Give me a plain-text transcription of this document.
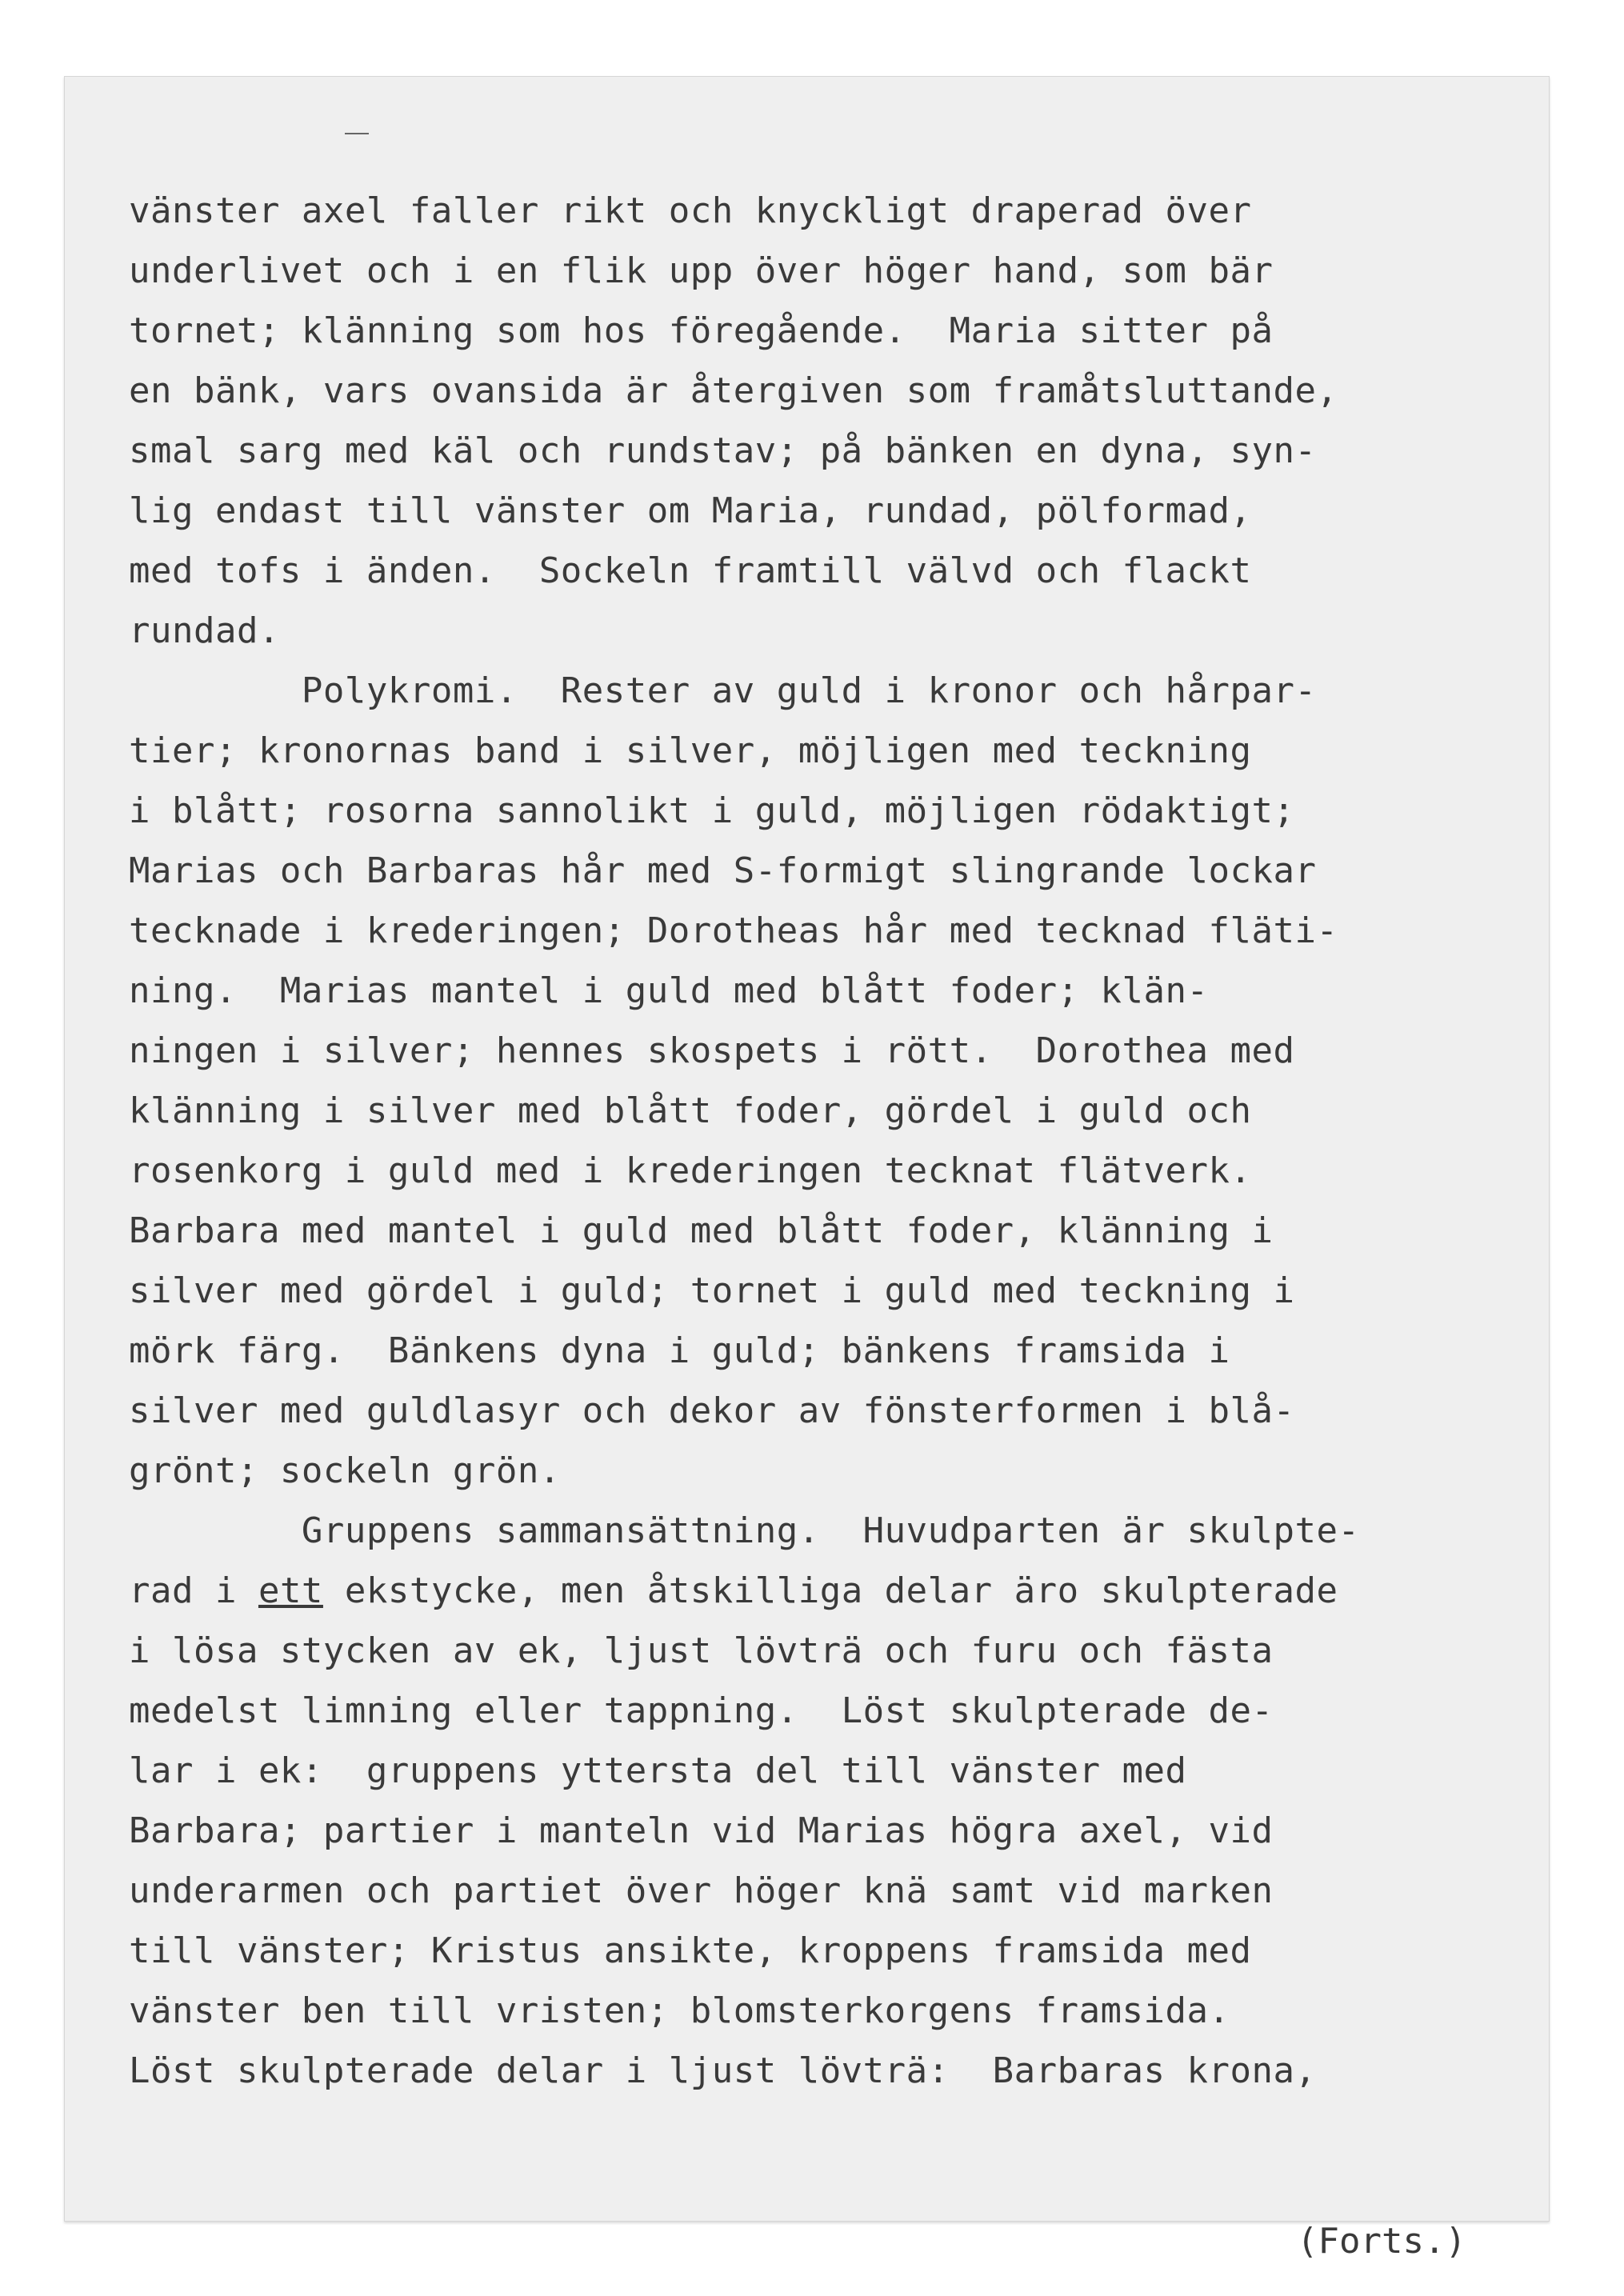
vänster axel faller rikt och knyckligt draperad över
underlivet och i en flik upp över höger hand, som bär
tornet; klänning som hos föregående.  Maria sitter på
en bänk, vars ovansida är återgiven som framåtsluttande,
smal sarg med käl och rundstav; på bänken en dyna, syn-
lig endast till vänster om Maria, rundad, pölformad,
med tofs i änden.  Sockeln framtill välvd och flackt
rundad.
Polykromi.  Rester av guld i kronor och hårpar-
tier; kronornas band i silver, möjligen med teckning
i blått; rosorna sannolikt i guld, möjligen rödaktigt;
Marias och Barbaras hår med S-formigt slingrande lockar
tecknade i krederingen; Dorotheas hår med tecknad fläti-
ning.  Marias mantel i guld med blått foder; klän-
ningen i silver; hennes skospets i rött.  Dorothea med
klänning i silver med blått foder, gördel i guld och
rosenkorg i guld med i krederingen tecknat flätverk.
Barbara med mantel i guld med blått foder, klänning i
silver med gördel i guld; tornet i guld med teckning i
mörk färg.  Bänkens dyna i guld; bänkens framsida i
silver med guldlasyr och dekor av fönsterformen i blå-
grönt; sockeln grön.
Gruppens sammansättning.  Huvudparten är skulpte-
rad i ett ekstycke, men åtskilliga delar äro skulpterade
i lösa stycken av ek, ljust lövträ och furu och fästa
medelst limning eller tappning.  Löst skulpterade de-
lar i ek:  gruppens yttersta del till vänster med
Barbara; partier i manteln vid Marias högra axel, vid
underarmen och partiet över höger knä samt vid marken
till vänster; Kristus ansikte, kroppens framsida med
vänster ben till vristen; blomsterkorgens framsida.
Löst skulpterade delar i ljust lövträ:  Barbaras krona,
(Forts.)
